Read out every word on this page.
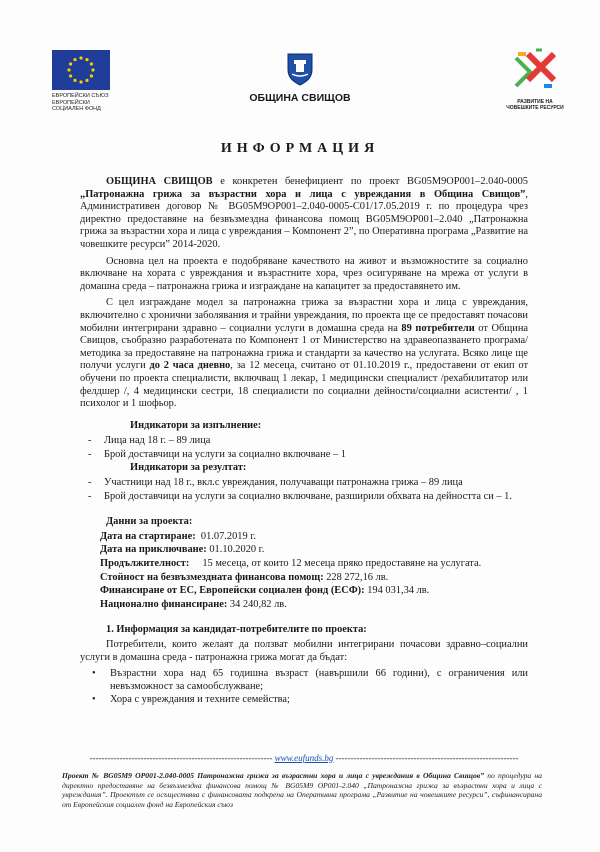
ЕВРОПЕЙСКИ СЪЮЗ
ЕВРОПЕЙСКИ
СОЦИАЛЕН ФОНД
ОБЩИНА СВИЩОВ	РАЗВИТИЕ НА
ЧОВЕШКИТЕ РЕСУРСИ
ИНФОРМАЦИЯ

ОБЩИНА СВИЩОВ е конкретен бенефициент по проект BG05M9OP001–2.040-0005 „Патронажна грижа за възрастни хора и лица с увреждания в Община Свищов”, Административен договор № BG05M9OP001–2.040-0005-C01/17.05.2019 г. по процедура чрез директно предоставяне на безвъзмездна финансова помощ BG05M9OP001–2.040 „Патронажна грижа за възрастни хора и лица с увреждания – Компонент 2”, по Оперативна програма „Развитие на човешките ресурси” 2014-2020.

Основна цел на проекта е подобряване качеството на живот и възможностите за социално включване на хората с увреждания и възрастните хора, чрез осигуряване на мрежа от услуги в домашна среда – патронажна грижа и изграждане на капацитет за предоставянето им.

С цел изграждане модел за патронажна грижа за възрастни хора и лица с увреждания, включително с хронични заболявания и трайни увреждания, по проекта ще се предоставят почасови мобилни интегрирани здравно – социални услуги в домашна среда на 89 потребители от Община Свищов, съобразно разработената по Компонент 1 от Министерство на здравеопазването програма/методика за предоставяне на патронажна грижа и стандарти за качество на услугата. Всяко лице ще получи услуги до 2 часа дневно, за 12 месеца, считано от 01.10.2019 г., предоставени от екип от обучени по проекта специалисти, включващ 1 лекар, 1 медицински специалист /рехабилитатор или фелдшер /, 4 медицински сестри, 18 специалисти по социални дейности/социални асистенти/ , 1 психолог и 1 шофьор.

Индикатори за изпълнение:
- Лица над 18 г. – 89 лица
- Брой доставчици на услуги за социално включване – 1
Индикатори за резултат:
- Участници над 18 г., вкл.с увреждания, получаващи патронажна грижа – 89 лица
- Брой доставчици на услуги за социално включване, разширили обхвата на дейността си – 1.
Данни за проекта:
Дата на стартиране: 01.07.2019 г.
Дата на приключване: 01.10.2020 г.
Продължителност: 15 месеца, от които 12 месеца пряко предоставяне на услугата.
Стойност на безвъзмездната финансова помощ: 228 272,16 лв.
Финансиране от ЕС, Европейски социален фонд (ЕСФ): 194 031,34 лв.
Национално финансиране: 34 240,82 лв.
1. Информация за кандидат-потребителите по проекта:

Потребители, които желаят да ползват мобилни интегрирани почасови здравно–социални услуги в домашна среда - патронажна грижа могат да бъдат:

• Възрастни хора над 65 годишна възраст (навършили 66 години), с ограничения или невъзможност за самообслужване;
• Хора с увреждания и техните семейства;
------------------------------------------------------------- www.eufunds.bg -------------------------------------------------------------
Проект № BG05M9 OP001-2.040-0005 Патронажна грижа за възрастни хора и лица с увреждания в Община Свищов” по процедура на директно предоставяне на безвъзмездна финансова помощ № BG05M9 OP001-2.040 „Патронажна грижа за възрастни хора и лица с увреждания”. Проектът се осъществява с финансовата подкрепа на Оперативна програма „Развитие на човешките ресурси”, съфинансирана от Европейския социален фонд на Европейския съюз
